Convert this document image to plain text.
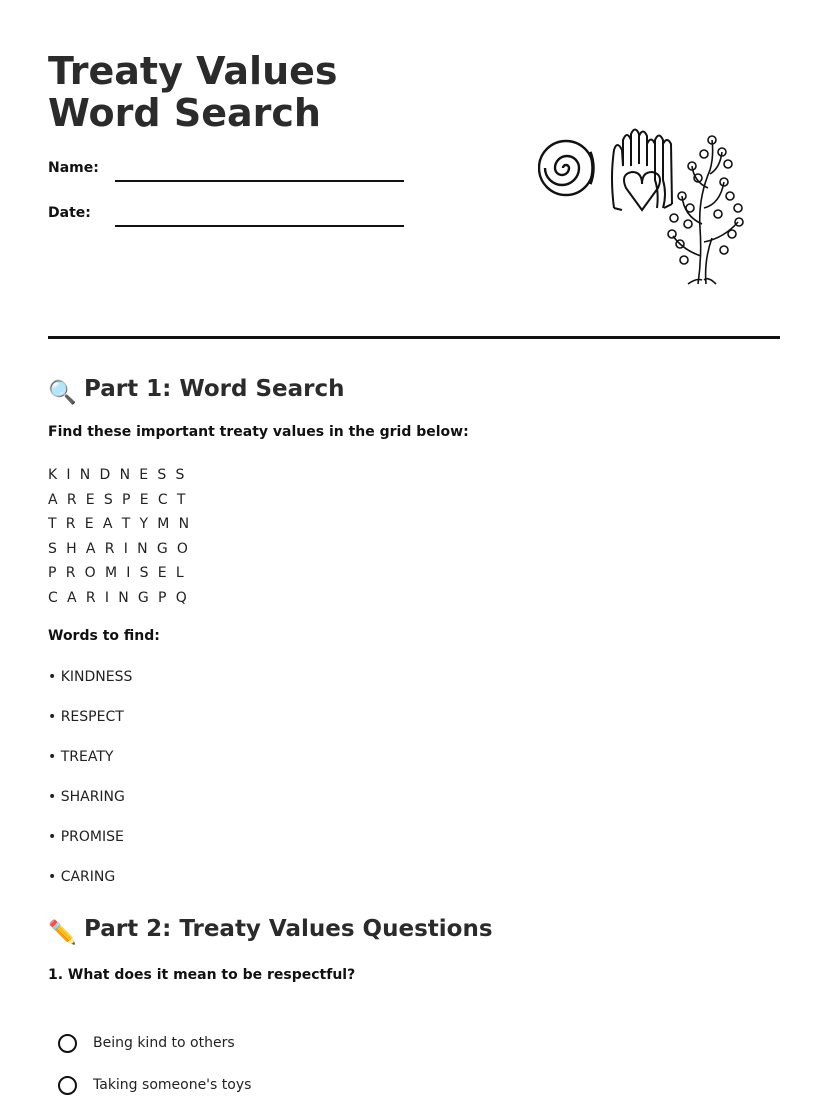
Treaty Values Word Search
Name:
Date:
🔍 Part 1: Word Search
Find these important treaty values in the grid below:
K I N D N E S S
A R E S P E C T
T R E A T Y M N
S H A R I N G O
P R O M I S E L
C A R I N G P Q
Words to find:
• KINDNESS
• RESPECT
• TREATY
• SHARING
• PROMISE
• CARING
✏️ Part 2: Treaty Values Questions
1. What does it mean to be respectful?
Being kind to others
Taking someone's toys
